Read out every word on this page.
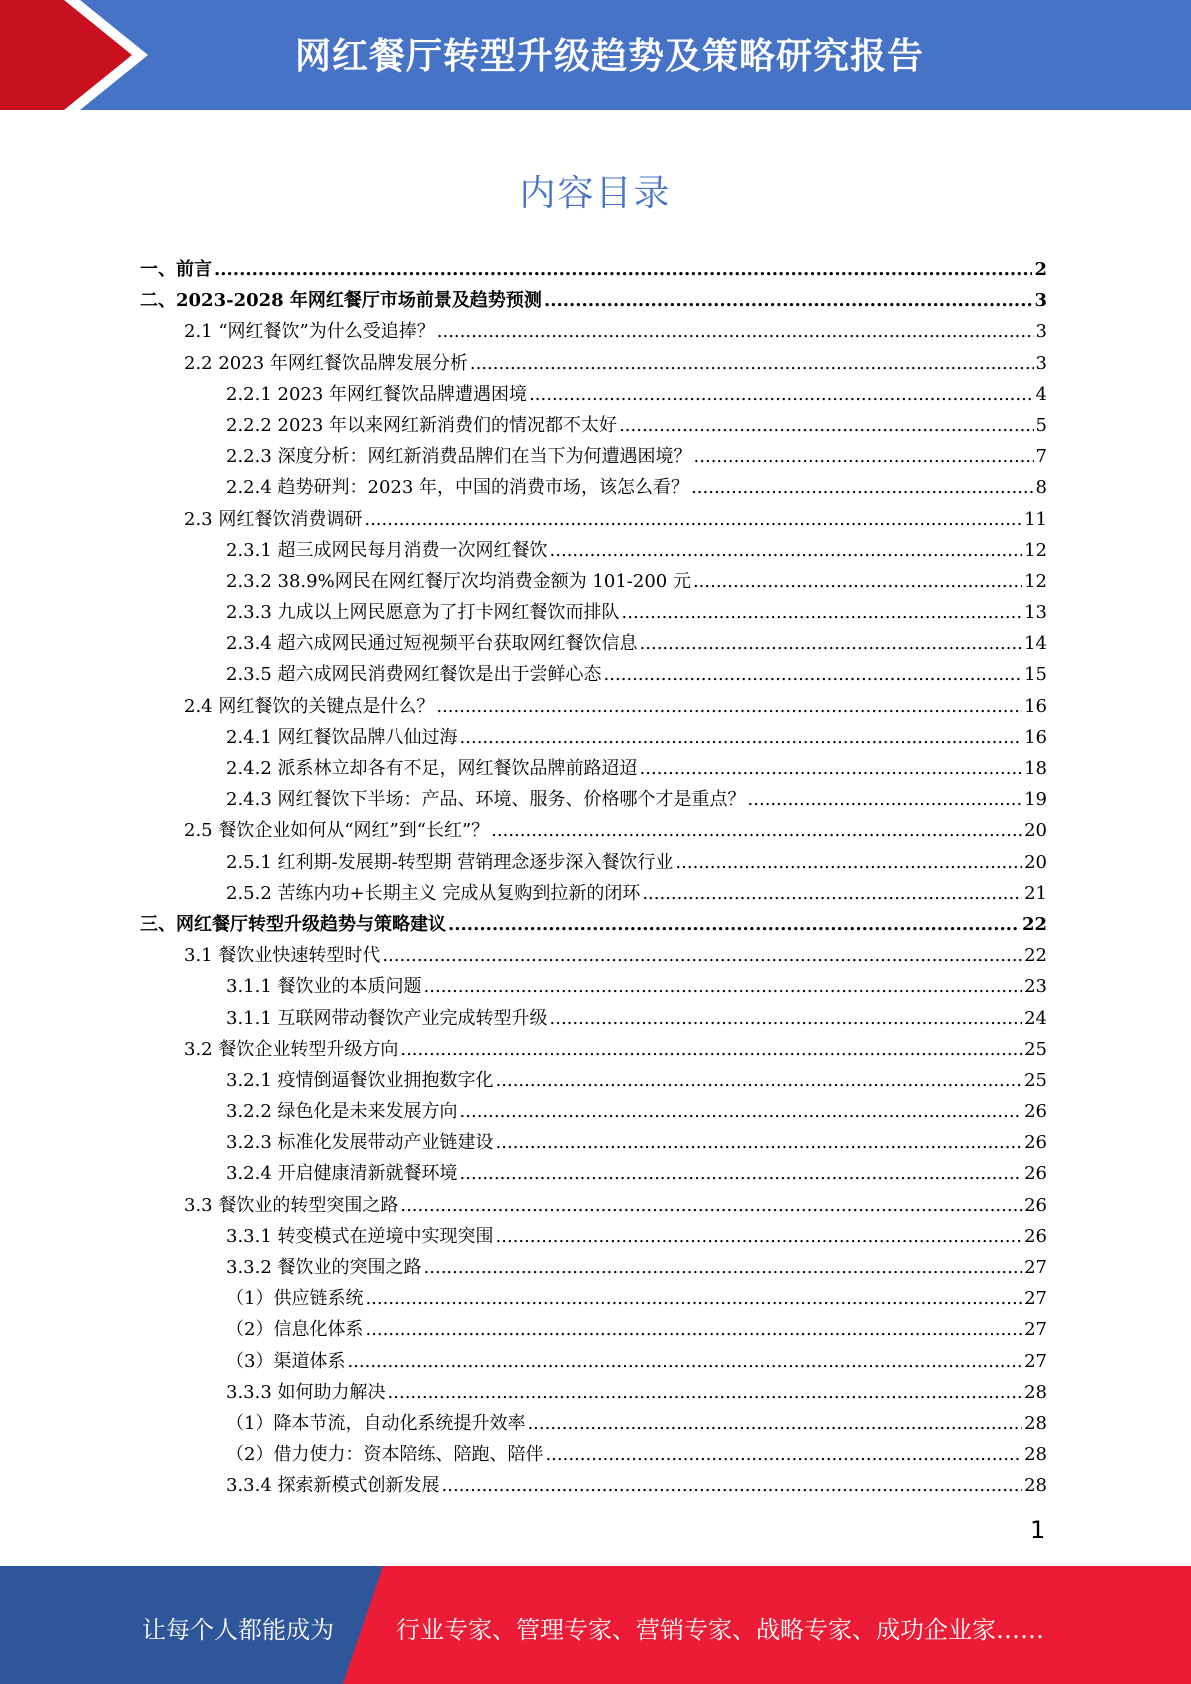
网红餐厅转型升级趋势及策略研究报告
内容目录
一、前言 .....	2
二、2023-2028 年网红餐厅市场前景及趋势预测 .....	3
2.1 “网红餐饮”为什么受追捧？ .....	3
2.2 2023 年网红餐饮品牌发展分析 .....	3
2.2.1 2023 年网红餐饮品牌遭遇困境 .....	4
2.2.2 2023 年以来网红新消费们的情况都不太好 .....	5
2.2.3 深度分析：网红新消费品牌们在当下为何遭遇困境？ .....	7
2.2.4 趋势研判：2023 年，中国的消费市场，该怎么看？ .....	8
2.3 网红餐饮消费调研 .....	11
2.3.1 超三成网民每月消费一次网红餐饮 .....	12
2.3.2 38.9%网民在网红餐厅次均消费金额为 101-200 元 .....	12
2.3.3 九成以上网民愿意为了打卡网红餐饮而排队 .....	13
2.3.4 超六成网民通过短视频平台获取网红餐饮信息 .....	14
2.3.5 超六成网民消费网红餐饮是出于尝鲜心态 .....	15
2.4 网红餐饮的关键点是什么？ .....	16
2.4.1 网红餐饮品牌八仙过海 .....	16
2.4.2 派系林立却各有不足，网红餐饮品牌前路迢迢 .....	18
2.4.3 网红餐饮下半场：产品、环境、服务、价格哪个才是重点？ .....	19
2.5 餐饮企业如何从“网红”到“长红”？ .....	20
2.5.1 红利期-发展期-转型期 营销理念逐步深入餐饮行业 .....	20
2.5.2 苦练内功+长期主义 完成从复购到拉新的闭环 .....	21
三、网红餐厅转型升级趋势与策略建议 .....	22
3.1 餐饮业快速转型时代 .....	22
3.1.1 餐饮业的本质问题 .....	23
3.1.1 互联网带动餐饮产业完成转型升级 .....	24
3.2 餐饮企业转型升级方向 .....	25
3.2.1 疫情倒逼餐饮业拥抱数字化 .....	25
3.2.2 绿色化是未来发展方向 .....	26
3.2.3 标准化发展带动产业链建设 .....	26
3.2.4 开启健康清新就餐环境 .....	26
3.3 餐饮业的转型突围之路 .....	26
3.3.1 转变模式在逆境中实现突围 .....	26
3.3.2 餐饮业的突围之路 .....	27
（1）供应链系统 .....	27
（2）信息化体系 .....	27
（3）渠道体系 .....	27
3.3.3 如何助力解决 .....	28
（1）降本节流，自动化系统提升效率 .....	28
（2）借力使力：资本陪练、陪跑、陪伴 .....	28
3.3.4 探索新模式创新发展 .....	28
1
让每个人都能成为	行业专家、管理专家、营销专家、战略专家、成功企业家……
